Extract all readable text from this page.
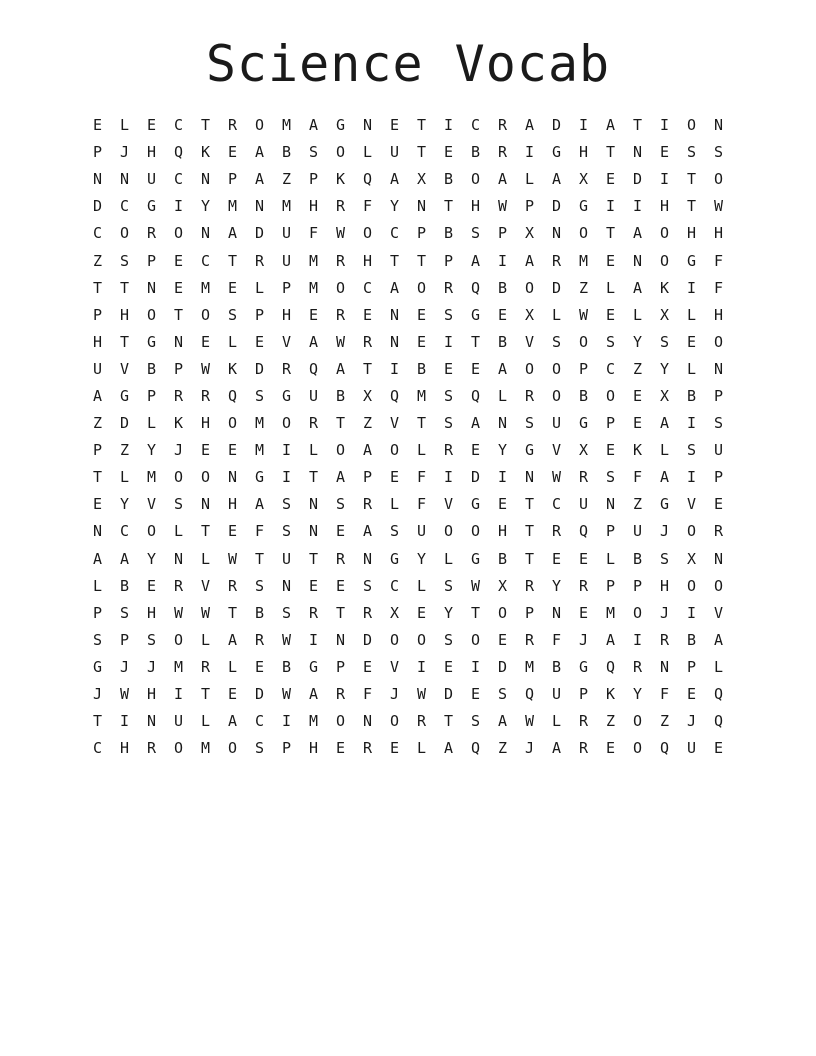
Science Vocab
E	L	E	C	T	R	O	M	A	G	N	E	T	I	C	R	A	D	I	A	T	I	O	N
P	J	H	Q	K	E	A	B	S	O	L	U	T	E	B	R	I	G	H	T	N	E	S	S
N	N	U	C	N	P	A	Z	P	K	Q	A	X	B	O	A	L	A	X	E	D	I	T	O
D	C	G	I	Y	M	N	M	H	R	F	Y	N	T	H	W	P	D	G	I	I	H	T	W
C	O	R	O	N	A	D	U	F	W	O	C	P	B	S	P	X	N	O	T	A	O	H	H
Z	S	P	E	C	T	R	U	M	R	H	T	T	P	A	I	A	R	M	E	N	O	G	F
T	T	N	E	M	E	L	P	M	O	C	A	O	R	Q	B	O	D	Z	L	A	K	I	F
P	H	O	T	O	S	P	H	E	R	E	N	E	S	G	E	X	L	W	E	L	X	L	H
H	T	G	N	E	L	E	V	A	W	R	N	E	I	T	B	V	S	O	S	Y	S	E	O
U	V	B	P	W	K	D	R	Q	A	T	I	B	E	E	A	O	O	P	C	Z	Y	L	N
A	G	P	R	R	Q	S	G	U	B	X	Q	M	S	Q	L	R	O	B	O	E	X	B	P
Z	D	L	K	H	O	M	O	R	T	Z	V	T	S	A	N	S	U	G	P	E	A	I	S
P	Z	Y	J	E	E	M	I	L	O	A	O	L	R	E	Y	G	V	X	E	K	L	S	U
T	L	M	O	O	N	G	I	T	A	P	E	F	I	D	I	N	W	R	S	F	A	I	P
E	Y	V	S	N	H	A	S	N	S	R	L	F	V	G	E	T	C	U	N	Z	G	V	E
N	C	O	L	T	E	F	S	N	E	A	S	U	O	O	H	T	R	Q	P	U	J	O	R
A	A	Y	N	L	W	T	U	T	R	N	G	Y	L	G	B	T	E	E	L	B	S	X	N
L	B	E	R	V	R	S	N	E	E	S	C	L	S	W	X	R	Y	R	P	P	H	O	O
P	S	H	W	W	T	B	S	R	T	R	X	E	Y	T	O	P	N	E	M	O	J	I	V
S	P	S	O	L	A	R	W	I	N	D	O	O	S	O	E	R	F	J	A	I	R	B	A
G	J	J	M	R	L	E	B	G	P	E	V	I	E	I	D	M	B	G	Q	R	N	P	L
J	W	H	I	T	E	D	W	A	R	F	J	W	D	E	S	Q	U	P	K	Y	F	E	Q
T	I	N	U	L	A	C	I	M	O	N	O	R	T	S	A	W	L	R	Z	O	Z	J	Q
C	H	R	O	M	O	S	P	H	E	R	E	L	A	Q	Z	J	A	R	E	O	Q	U	E
